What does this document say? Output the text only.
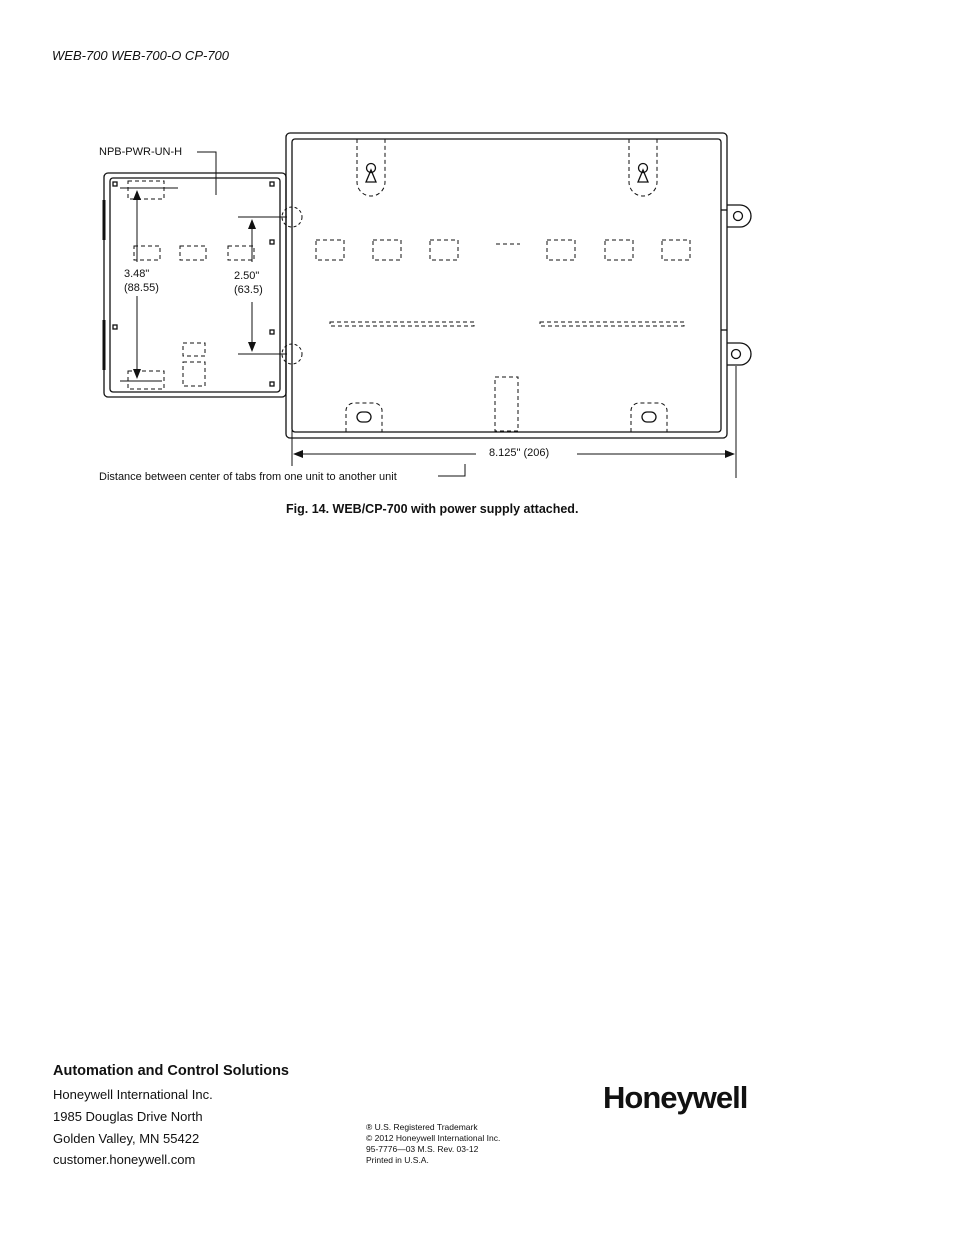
WEB-700 WEB-700-O CP-700
NPB-PWR-UN-H
3.48"
(88.55)
2.50"
(63.5)
8.125" (206)
Distance between center of tabs from one unit to another unit
Fig. 14. WEB/CP-700 with power supply attached.
Automation and Control Solutions
Honeywell International Inc.
1985 Douglas Drive North
Golden Valley, MN 55422
customer.honeywell.com
® U.S. Registered Trademark
© 2012 Honeywell International Inc.
95-7776—03 M.S. Rev. 03-12
Printed in U.S.A.
Honeywell
